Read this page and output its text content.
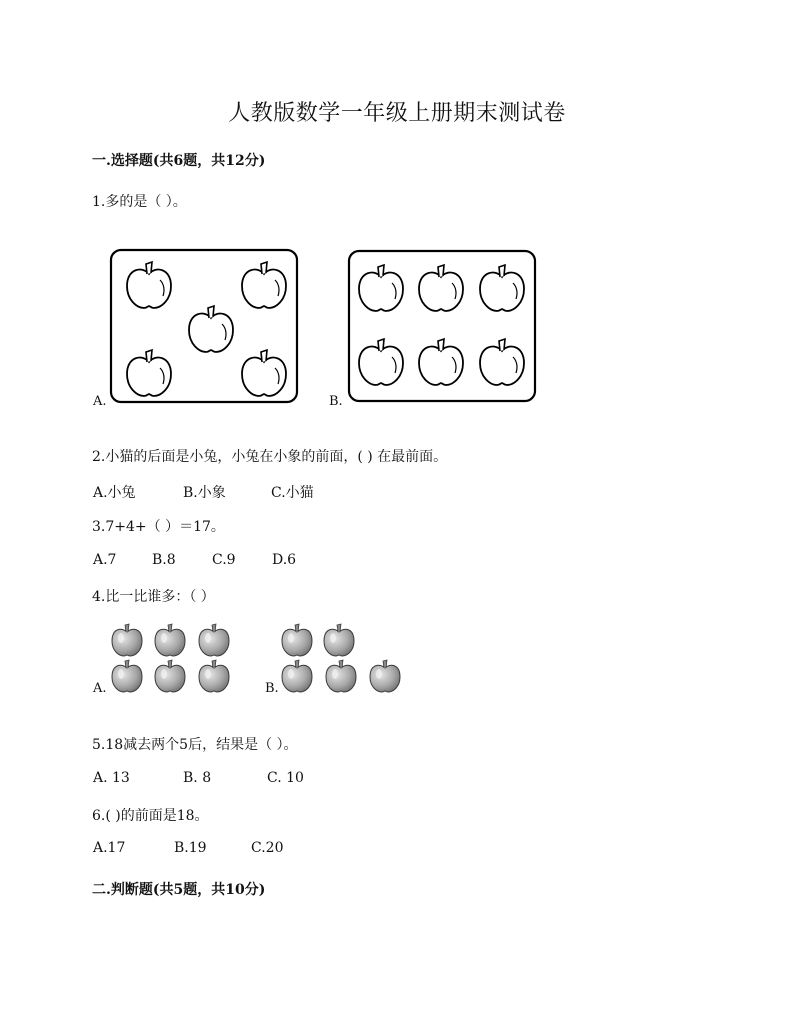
人教版数学一年级上册期末测试卷
一.选择题(共6题，共12分)
1.多的是（ ）。
A.	B.
2.小猫的后面是小兔，小兔在小象的前面，( ) 在最前面。
A.小兔	B.小象	C.小猫
3.7+4+（ ）＝17。
A.7	B.8	C.9	D.6
4.比一比谁多：（ ）
A.	B.
5.18减去两个5后，结果是（ ）。
A. 13	B. 8	C. 10
6.( )的前面是18。
A.17	B.19	C.20
二.判断题(共5题，共10分)
